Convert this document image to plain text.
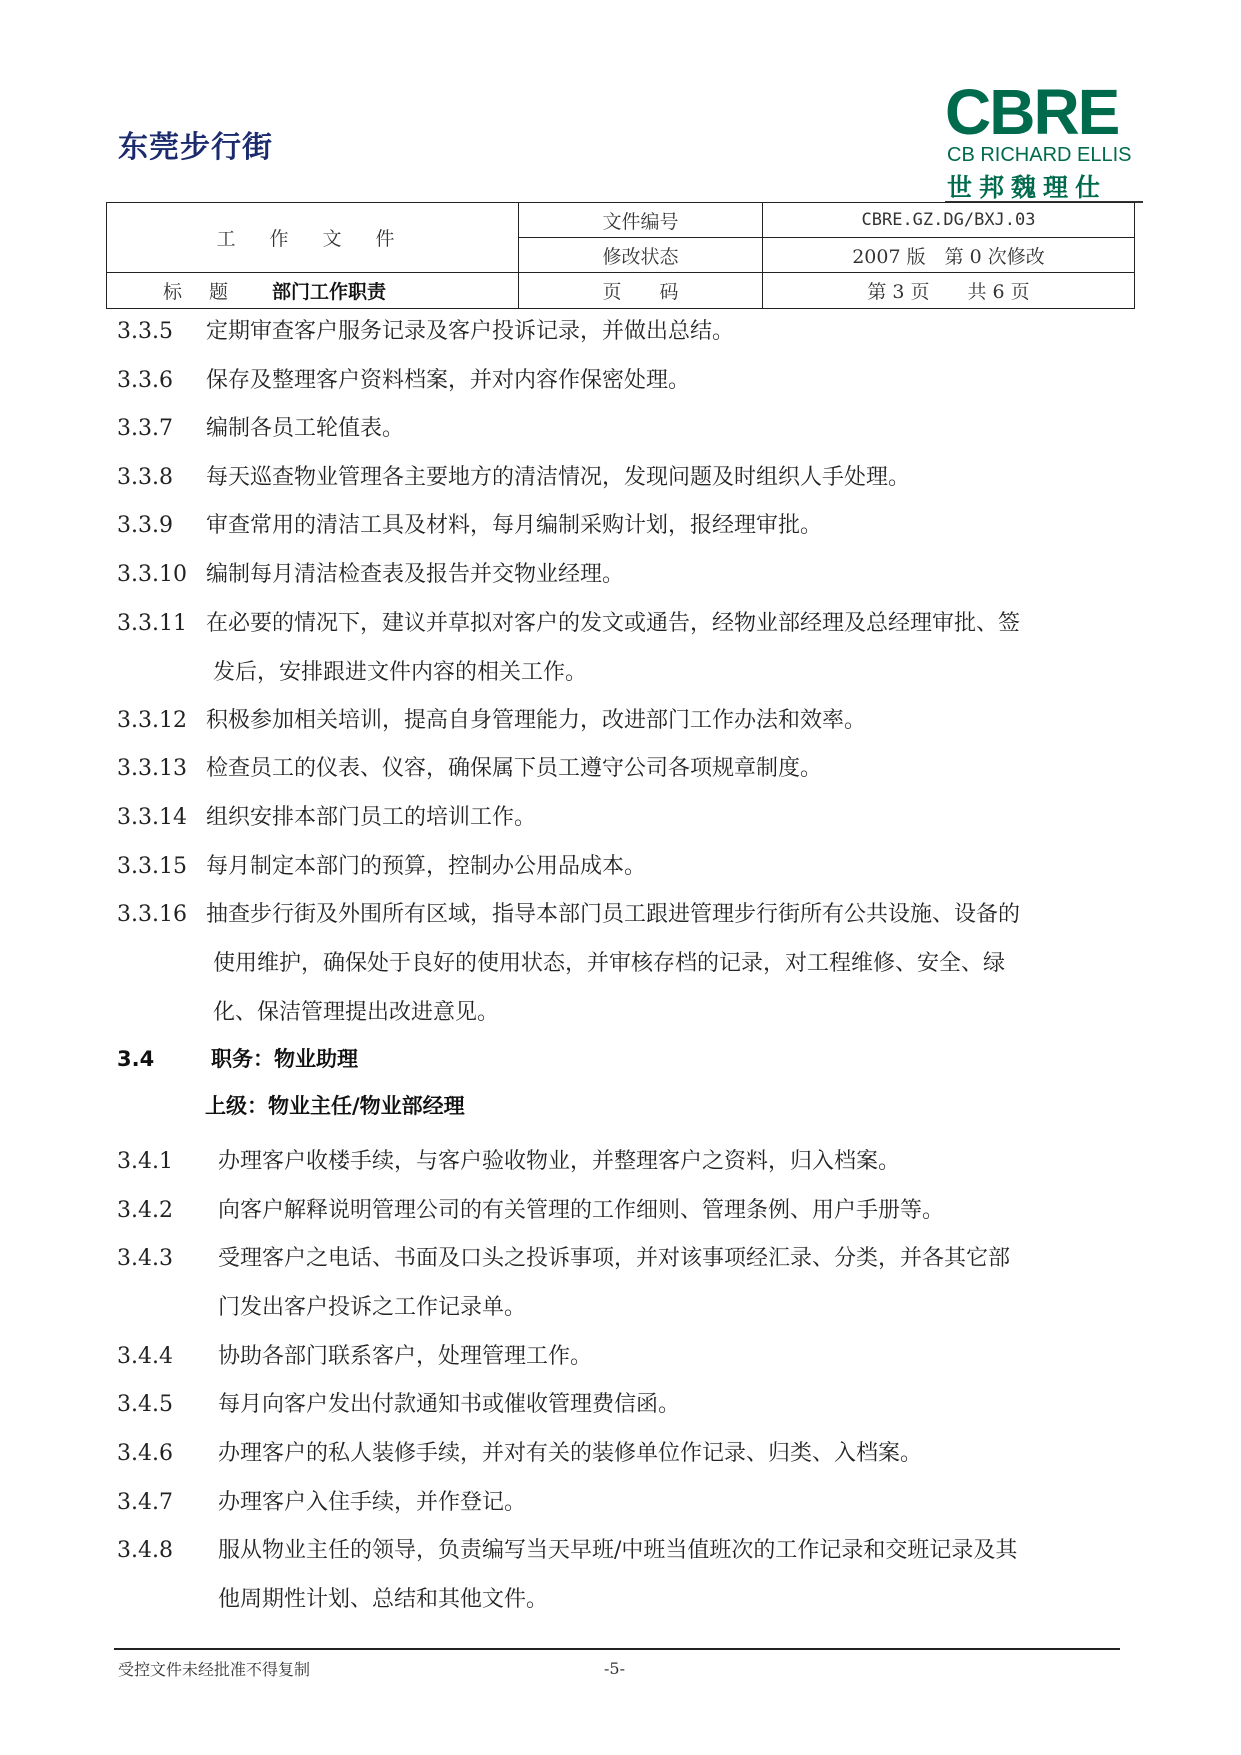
东莞步行街	CBRE
CB RICHARD ELLIS
世邦魏理仕
工 作 文 件	文件编号	CBRE.GZ.DG/BXJ.03
	修改状态	2007 版　第 0 次修改
标　题 部门工作职责	页　　码	第 3 页　　共 6 页
3.3.5 定期审查客户服务记录及客户投诉记录，并做出总结。
3.3.6 保存及整理客户资料档案，并对内容作保密处理。
3.3.7 编制各员工轮值表。
3.3.8 每天巡查物业管理各主要地方的清洁情况，发现问题及时组织人手处理。
3.3.9 审查常用的清洁工具及材料，每月编制采购计划，报经理审批。
3.3.10 编制每月清洁检查表及报告并交物业经理。
3.3.11 在必要的情况下，建议并草拟对客户的发文或通告，经物业部经理及总经理审批、签
发后，安排跟进文件内容的相关工作。
3.3.12 积极参加相关培训，提高自身管理能力，改进部门工作办法和效率。
3.3.13 检查员工的仪表、仪容，确保属下员工遵守公司各项规章制度。
3.3.14 组织安排本部门员工的培训工作。
3.3.15 每月制定本部门的预算，控制办公用品成本。
3.3.16 抽查步行街及外围所有区域，指导本部门员工跟进管理步行街所有公共设施、设备的
使用维护，确保处于良好的使用状态，并审核存档的记录，对工程维修、安全、绿
化、保洁管理提出改进意见。
3.4	职务：物业助理
上级：物业主任/物业部经理
3.4.1 办理客户收楼手续，与客户验收物业，并整理客户之资料，归入档案。
3.4.2 向客户解释说明管理公司的有关管理的工作细则、管理条例、用户手册等。
3.4.3 受理客户之电话、书面及口头之投诉事项，并对该事项经汇录、分类，并各其它部
门发出客户投诉之工作记录单。
3.4.4 协助各部门联系客户，处理管理工作。
3.4.5 每月向客户发出付款通知书或催收管理费信函。
3.4.6 办理客户的私人装修手续，并对有关的装修单位作记录、归类、入档案。
3.4.7 办理客户入住手续，并作登记。
3.4.8 服从物业主任的领导，负责编写当天早班/中班当值班次的工作记录和交班记录及其
他周期性计划、总结和其他文件。
受控文件未经批准不得复制	-5-
